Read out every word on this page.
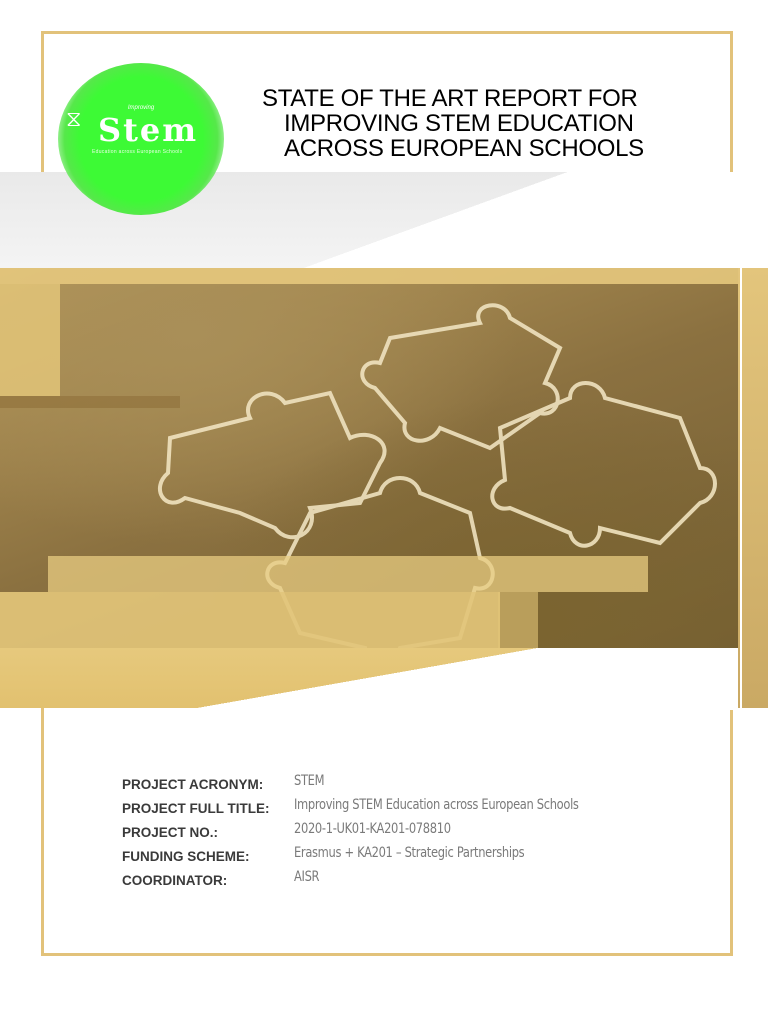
Improving
⧖ Stem
Education across European Schools
STATE OF THE ART REPORT FOR
IMPROVING STEM EDUCATION
ACROSS EUROPEAN SCHOOLS
PROJECT ACRONYM:	STEM
PROJECT FULL TITLE:	Improving STEM Education across European Schools
PROJECT NO.:	2020-1-UK01-KA201-078810
FUNDING SCHEME:	Erasmus + KA201 – Strategic Partnerships
COORDINATOR:	AISR
